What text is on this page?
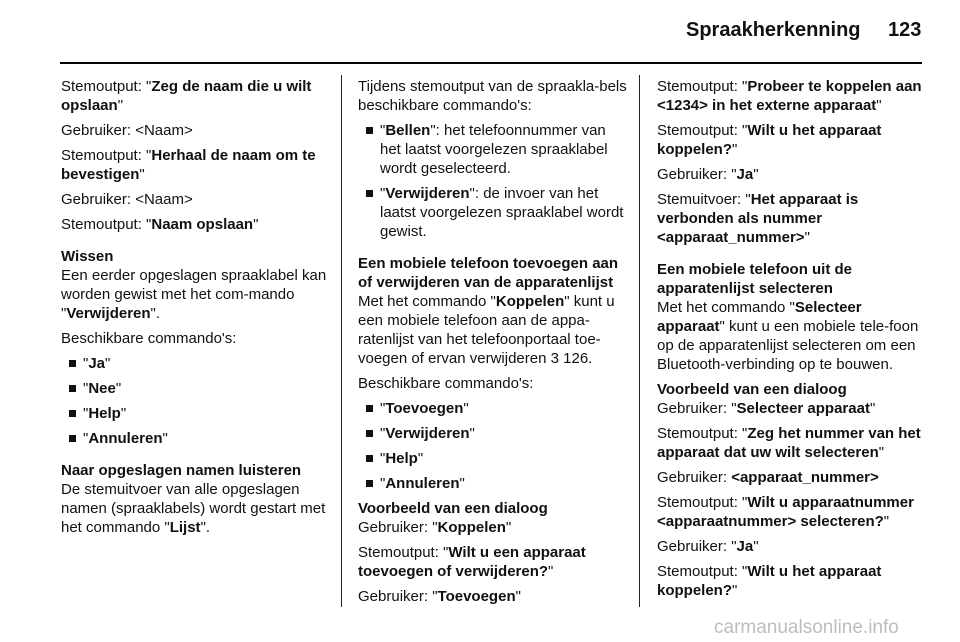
Spraakherkenning 123

Stemoutput: "Zeg de naam die u wilt opslaan"

Gebruiker: <Naam>

Stemoutput: "Herhaal de naam om te bevestigen"

Gebruiker: <Naam>

Stemoutput: "Naam opslaan"

Wissen

Een eerder opgeslagen spraaklabel kan worden gewist met het com-mando "Verwijderen".

Beschikbare commando's:

"Ja"
"Nee"
"Help"
"Annuleren"
Naar opgeslagen namen luisteren

De stemuitvoer van alle opgeslagen namen (spraaklabels) wordt gestart met het commando "Lijst".

Tijdens stemoutput van de spraakla-bels beschikbare commando's:

"Bellen": het telefoonnummer van het laatst voorgelezen spraaklabel wordt geselecteerd.
"Verwijderen": de invoer van het laatst voorgelezen spraaklabel wordt gewist.
Een mobiele telefoon toevoegen aan of verwijderen van de apparatenlijst

Met het commando "Koppelen" kunt u een mobiele telefoon aan de appa-ratenlijst van het telefoonportaal toe-voegen of ervan verwijderen 3 126.

Beschikbare commando's:

"Toevoegen"
"Verwijderen"
"Help"
"Annuleren"
Voorbeeld van een dialoog

Gebruiker: "Koppelen"

Stemoutput: "Wilt u een apparaat toevoegen of verwijderen?"

Gebruiker: "Toevoegen"

Stemoutput: "Probeer te koppelen aan <1234> in het externe apparaat"

Stemoutput: "Wilt u het apparaat koppelen?"

Gebruiker: "Ja"

Stemuitvoer: "Het apparaat is verbonden als nummer <apparaat_nummer>"

Een mobiele telefoon uit de apparatenlijst selecteren

Met het commando "Selecteer apparaat" kunt u een mobiele tele-foon op de apparatenlijst selecteren om een Bluetooth-verbinding op te bouwen.

Voorbeeld van een dialoog

Gebruiker: "Selecteer apparaat"

Stemoutput: "Zeg het nummer van het apparaat dat uw wilt selecteren"

Gebruiker: <apparaat_nummer>

Stemoutput: "Wilt u apparaatnummer <apparaatnummer> selecteren?"

Gebruiker: "Ja"

Stemoutput: "Wilt u het apparaat koppelen?"

carmanualsonline.info
